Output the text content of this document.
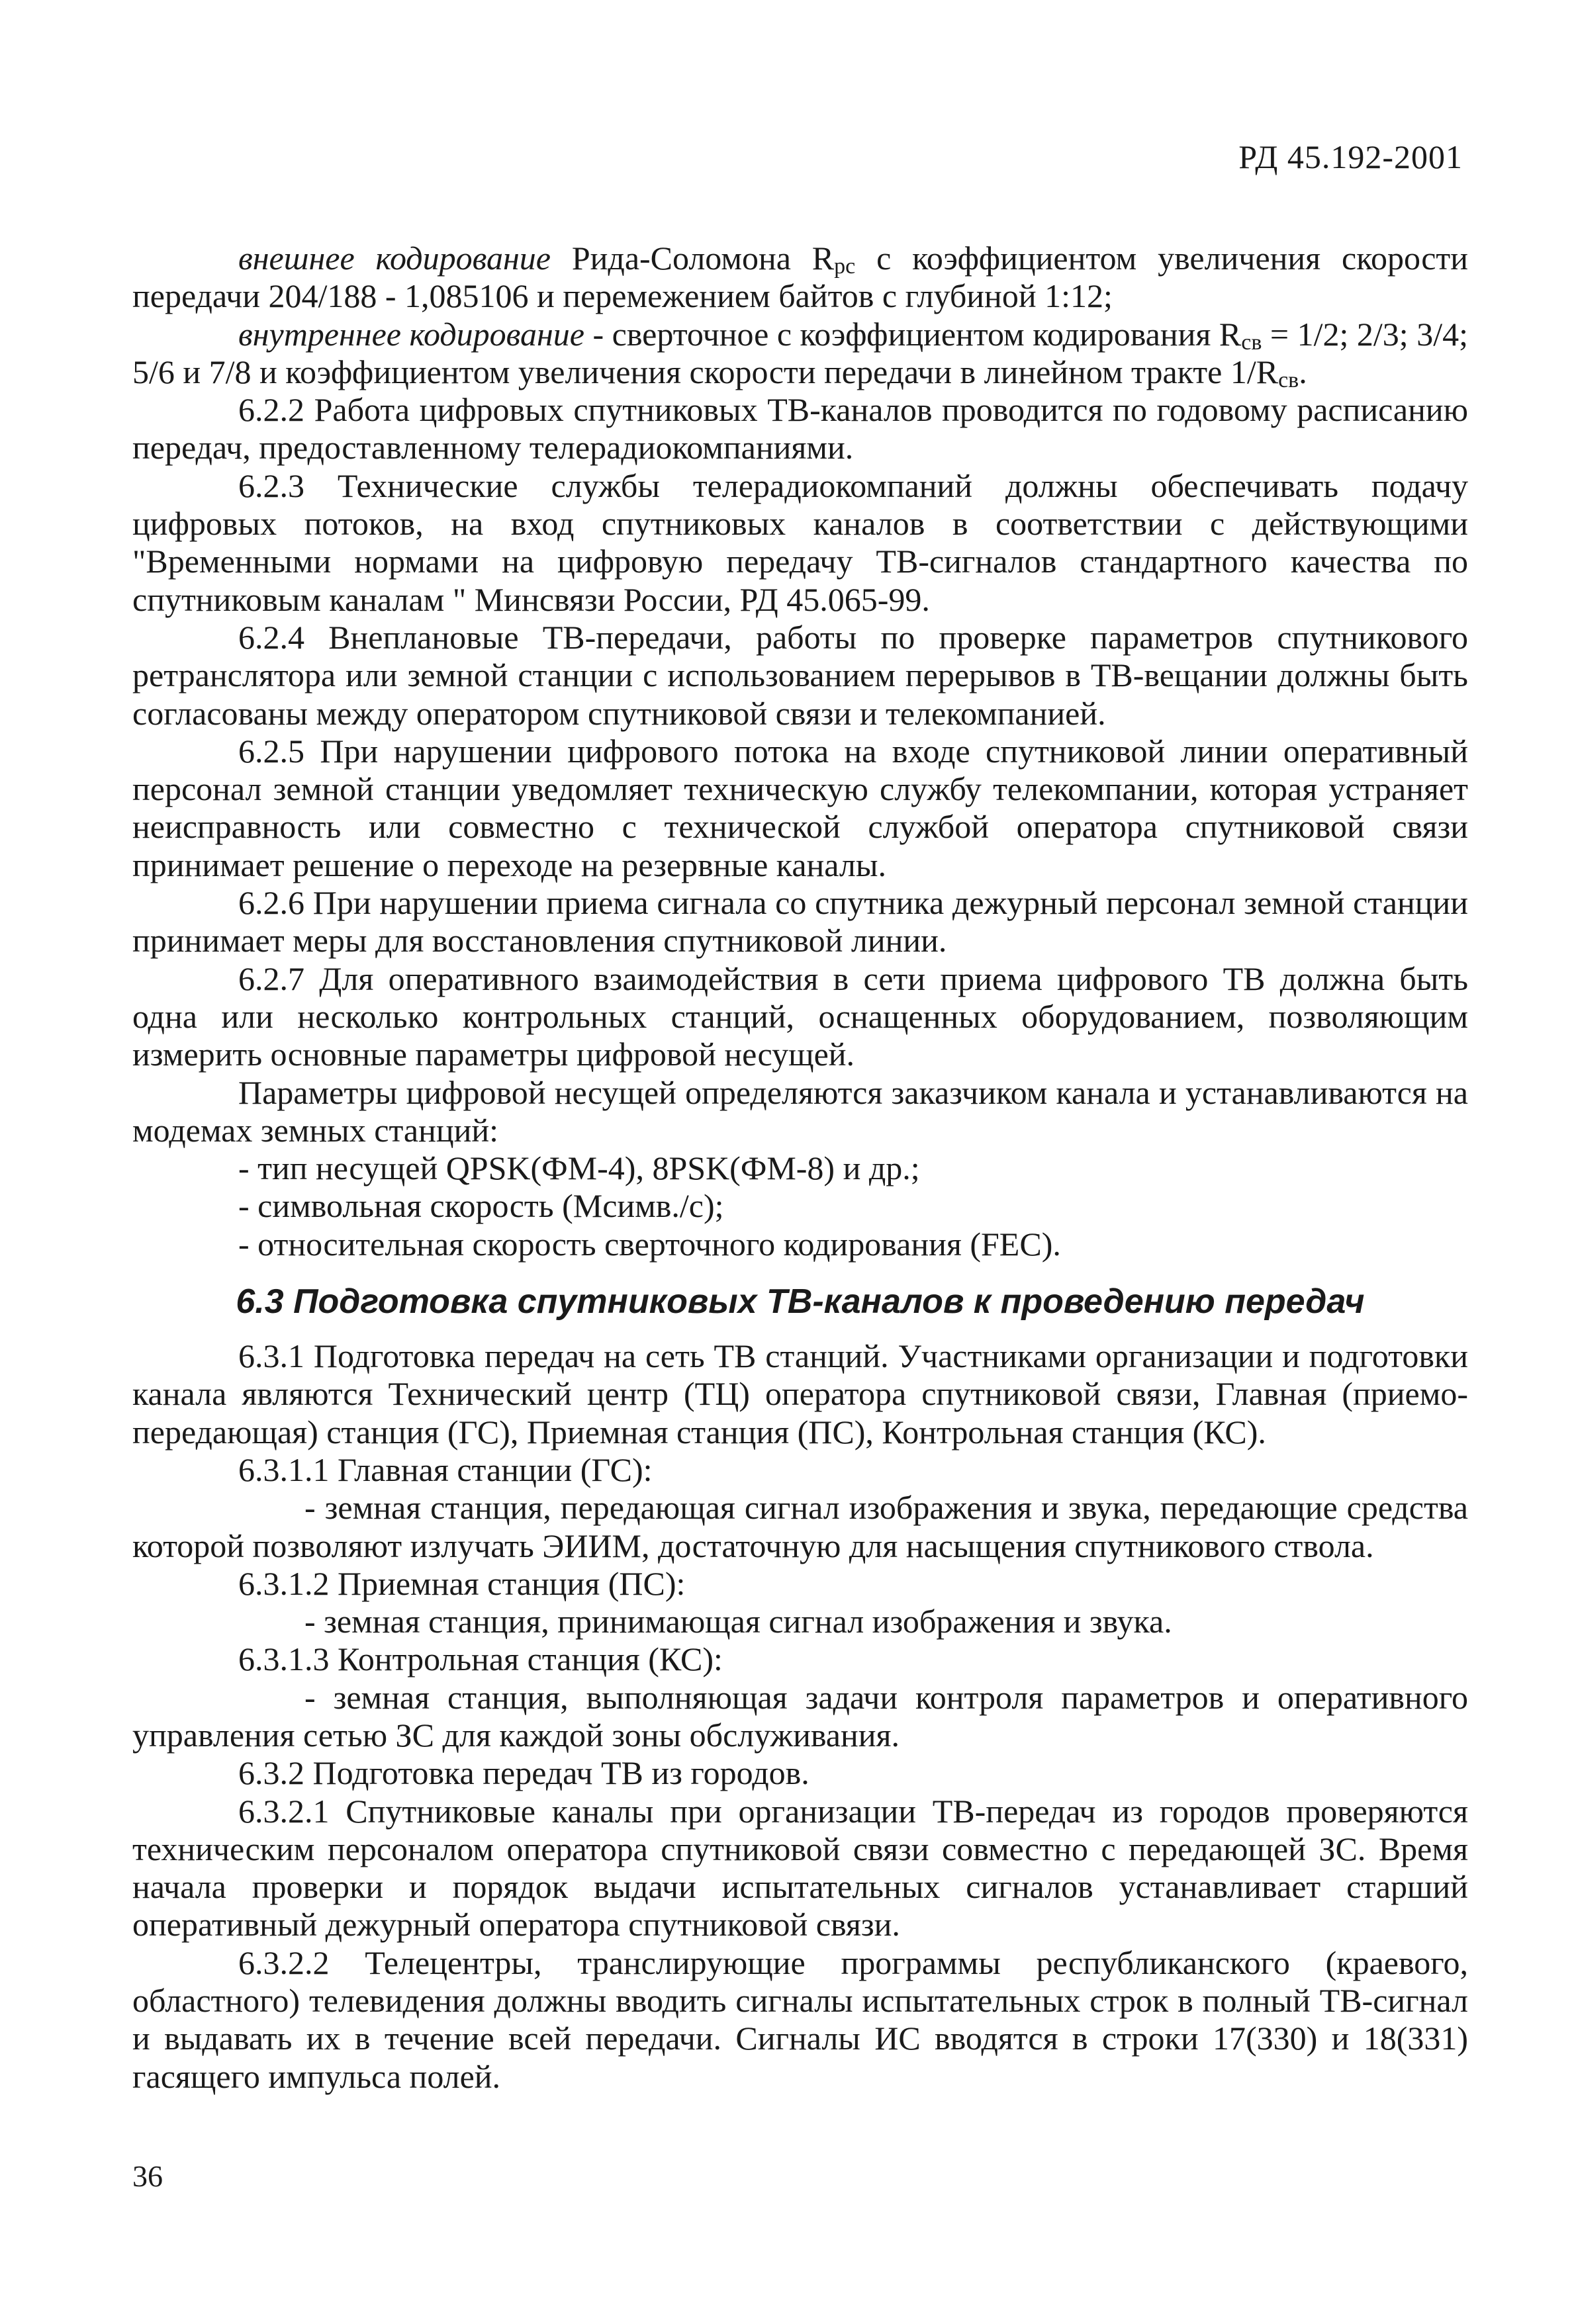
РД 45.192-2001

внешнее кодирование Рида-Соломона $R_{рс}$ с коэффициентом увеличения скорости передачи 204/188 - 1,085106 и перемежением байтов с глубиной 1:12;

внутреннее кодирование - сверточное с коэффициентом кодирования $R_{св} = 1/2$; 2/3; 3/4; 5/6 и 7/8 и коэффициентом увеличения скорости передачи в линейном тракте $1/R_{св}$.

6.2.2 Работа цифровых спутниковых ТВ-каналов проводится по годовому расписанию передач, предоставленному телерадиокомпаниями.

6.2.3 Технические службы телерадиокомпаний должны обеспечивать подачу цифровых потоков, на вход спутниковых каналов в соответствии с действующими "Временными нормами на цифровую передачу ТВ-сигналов стандартного качества по спутниковым каналам " Минсвязи России, РД 45.065-99.

6.2.4 Внеплановые ТВ-передачи, работы по проверке параметров спутникового ретранслятора или земной станции с использованием перерывов в ТВ-вещании должны быть согласованы между оператором спутниковой связи и телекомпанией.

6.2.5 При нарушении цифрового потока на входе спутниковой линии оперативный персонал земной станции уведомляет техническую службу телекомпании, которая устраняет неисправность или совместно с технической службой оператора спутниковой связи принимает решение о переходе на резервные каналы.

6.2.6 При нарушении приема сигнала со спутника дежурный персонал земной станции принимает меры для восстановления спутниковой линии.

6.2.7 Для оперативного взаимодействия в сети приема цифрового ТВ должна быть одна или несколько контрольных станций, оснащенных оборудованием, позволяющим измерить основные параметры цифровой несущей.

Параметры цифровой несущей определяются заказчиком канала и устанавливаются на модемах земных станций:

- тип несущей QPSK(ФМ-4), 8PSK(ФМ-8) и др.;

- символьная скорость (Мсимв./с);

- относительная скорость сверточного кодирования (FEC).

6.3 Подготовка спутниковых ТВ-каналов к проведению передач

6.3.1 Подготовка передач на сеть ТВ станций. Участниками организации и подготовки канала являются Технический центр (ТЦ) оператора спутниковой связи, Главная (приемо-передающая) станция (ГС), Приемная станция (ПС), Контрольная станция (КС).

6.3.1.1 Главная станции (ГС):

- земная станция, передающая сигнал изображения и звука, передающие средства которой позволяют излучать ЭИИМ, достаточную для насыщения спутникового ствола.

6.3.1.2 Приемная станция (ПС):

- земная станция, принимающая сигнал изображения и звука.

6.3.1.3 Контрольная станция (КС):

- земная станция, выполняющая задачи контроля параметров и оперативного управления сетью ЗС для каждой зоны обслуживания.

6.3.2 Подготовка передач ТВ из городов.

6.3.2.1 Спутниковые каналы при организации ТВ-передач из городов проверяются техническим персоналом оператора спутниковой связи совместно с передающей ЗС. Время начала проверки и порядок выдачи испытательных сигналов устанавливает старший оперативный дежурный оператора спутниковой связи.

6.3.2.2 Телецентры, транслирующие программы республиканского (краевого, областного) телевидения должны вводить сигналы испытательных строк в полный ТВ-сигнал и выдавать их в течение всей передачи. Сигналы ИС вводятся в строки 17(330) и 18(331) гасящего импульса полей.

36
